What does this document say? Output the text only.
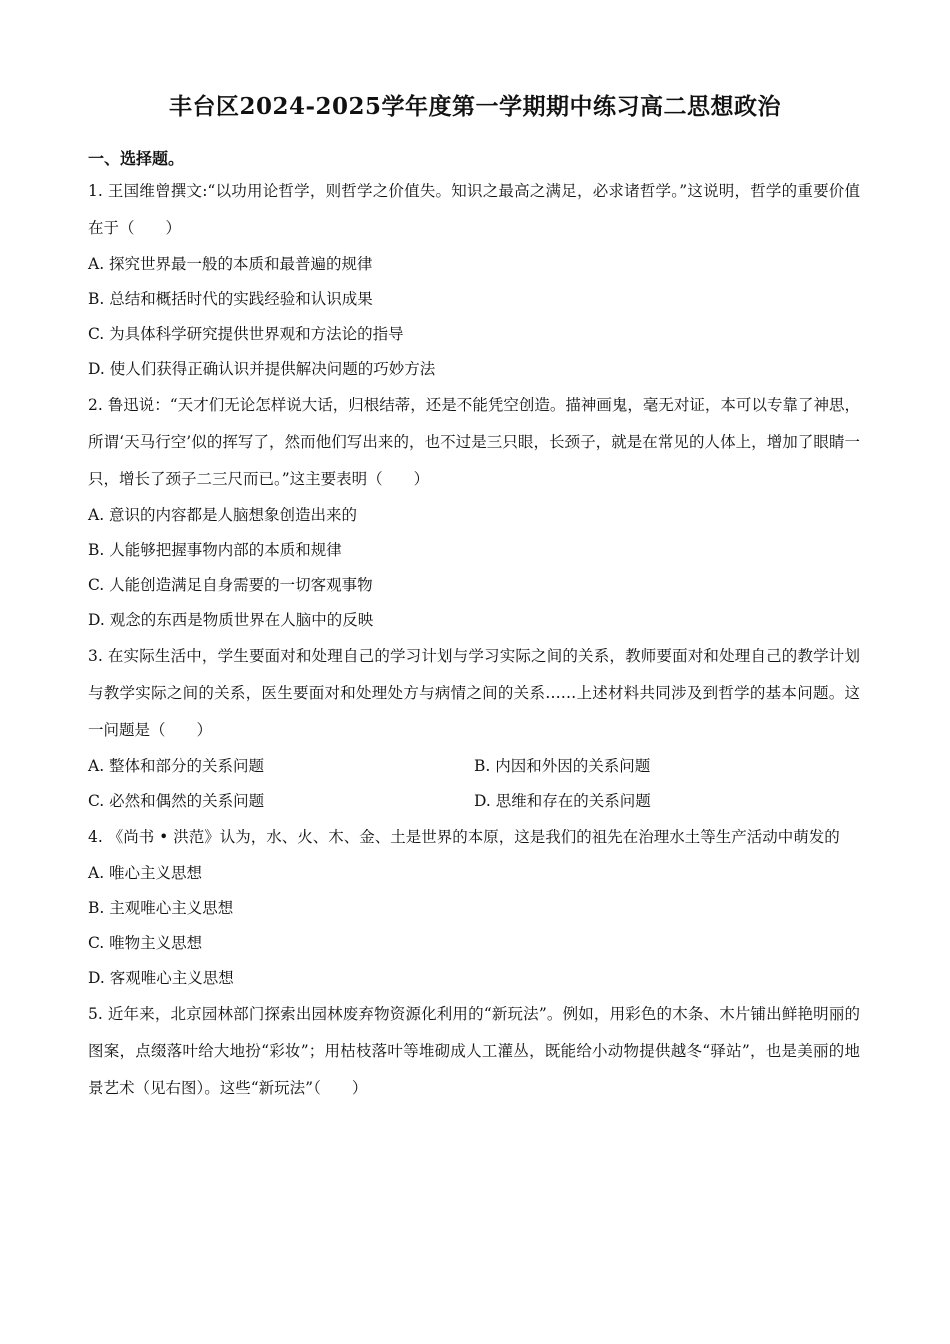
丰台区2024-2025学年度第一学期期中练习高二思想政治
一、选择题。
1. 王国维曾撰文:“以功用论哲学，则哲学之价值失。知识之最高之满足，必求诸哲学。”这说明，哲学的重要价值在于（　　）
A. 探究世界最一般的本质和最普遍的规律
B. 总结和概括时代的实践经验和认识成果
C. 为具体科学研究提供世界观和方法论的指导
D. 使人们获得正确认识并提供解决问题的巧妙方法
2. 鲁迅说：“天才们无论怎样说大话，归根结蒂，还是不能凭空创造。描神画鬼，毫无对证，本可以专靠了神思，所谓‘天马行空’似的挥写了，然而他们写出来的，也不过是三只眼，长颈子，就是在常见的人体上，增加了眼睛一只，增长了颈子二三尺而已。”这主要表明（　　）
A. 意识的内容都是人脑想象创造出来的
B. 人能够把握事物内部的本质和规律
C. 人能创造满足自身需要的一切客观事物
D. 观念的东西是物质世界在人脑中的反映
3. 在实际生活中，学生要面对和处理自己的学习计划与学习实际之间的关系，教师要面对和处理自己的教学计划与教学实际之间的关系，医生要面对和处理处方与病情之间的关系……上述材料共同涉及到哲学的基本问题。这一问题是（　　）
A. 整体和部分的关系问题	B. 内因和外因的关系问题
C. 必然和偶然的关系问题	D. 思维和存在的关系问题
4. 《尚书 • 洪范》认为，水、火、木、金、土是世界的本原，这是我们的祖先在治理水土等生产活动中萌发的
A. 唯心主义思想
B. 主观唯心主义思想
C. 唯物主义思想
D. 客观唯心主义思想
5. 近年来，北京园林部门探索出园林废弃物资源化利用的“新玩法”。例如，用彩色的木条、木片铺出鲜艳明丽的图案，点缀落叶给大地扮“彩妆”；用枯枝落叶等堆砌成人工灌丛，既能给小动物提供越冬“驿站”，也是美丽的地景艺术（见右图）。这些“新玩法”（　　）
